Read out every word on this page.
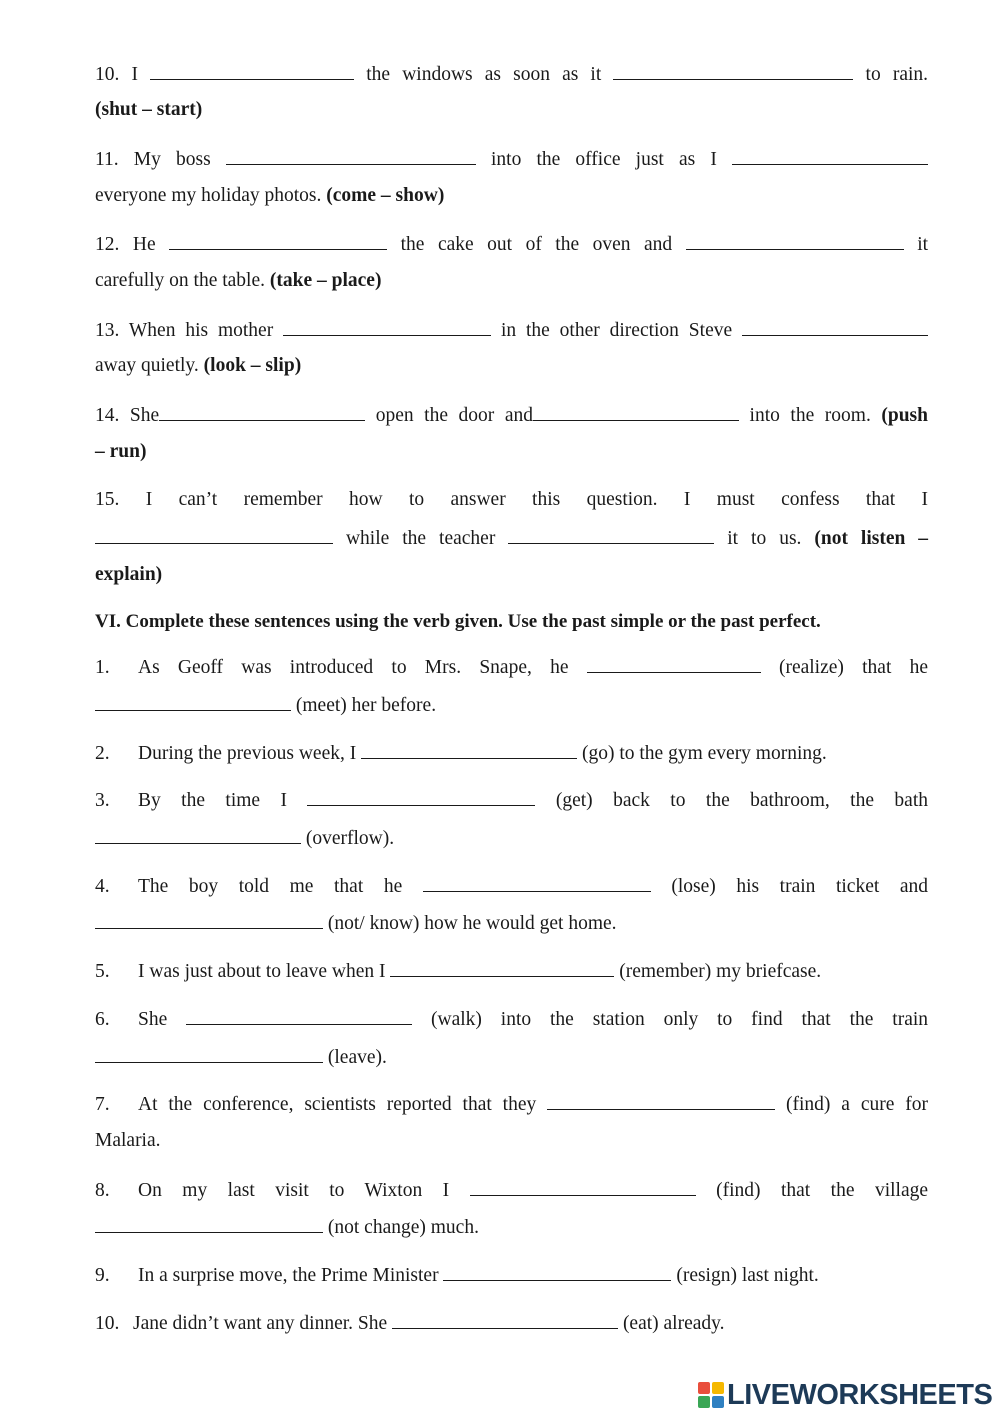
10. I	the windows as soon as it	to rain.
(shut – start)
11. My boss	into the office just as I
everyone my holiday photos. (come – show)
12. He	the cake out of the oven and	it
carefully on the table. (take – place)
13. When his mother	in the other direction Steve
away quietly. (look – slip)
14. She	open the door and	into the room. (push
– run)
15. I can’t remember how to answer this question. I must confess that I
while the teacher	it to us. (not listen –
explain)
VI. Complete these sentences using the verb given. Use the past simple or the past perfect.
1. As Geoff was introduced to Mrs. Snape, he	(realize) that he
(meet) her before.
2. During the previous week, I	(go) to the gym every morning.
3. By the time I	(get) back to the bathroom, the bath
(overflow).
4. The boy told me that he	(lose) his train ticket and
(not/ know) how he would get home.
5. I was just about to leave when I	(remember) my briefcase.
6. She	(walk) into the station only to find that the train
(leave).
7. At the conference, scientists reported that they	(find) a cure for
Malaria.
8. On my last visit to Wixton I	(find) that the village
(not change) much.
9. In a surprise move, the Prime Minister	(resign) last night.
10. Jane didn’t want any dinner. She	(eat) already.
LIVEWORKSHEETS
